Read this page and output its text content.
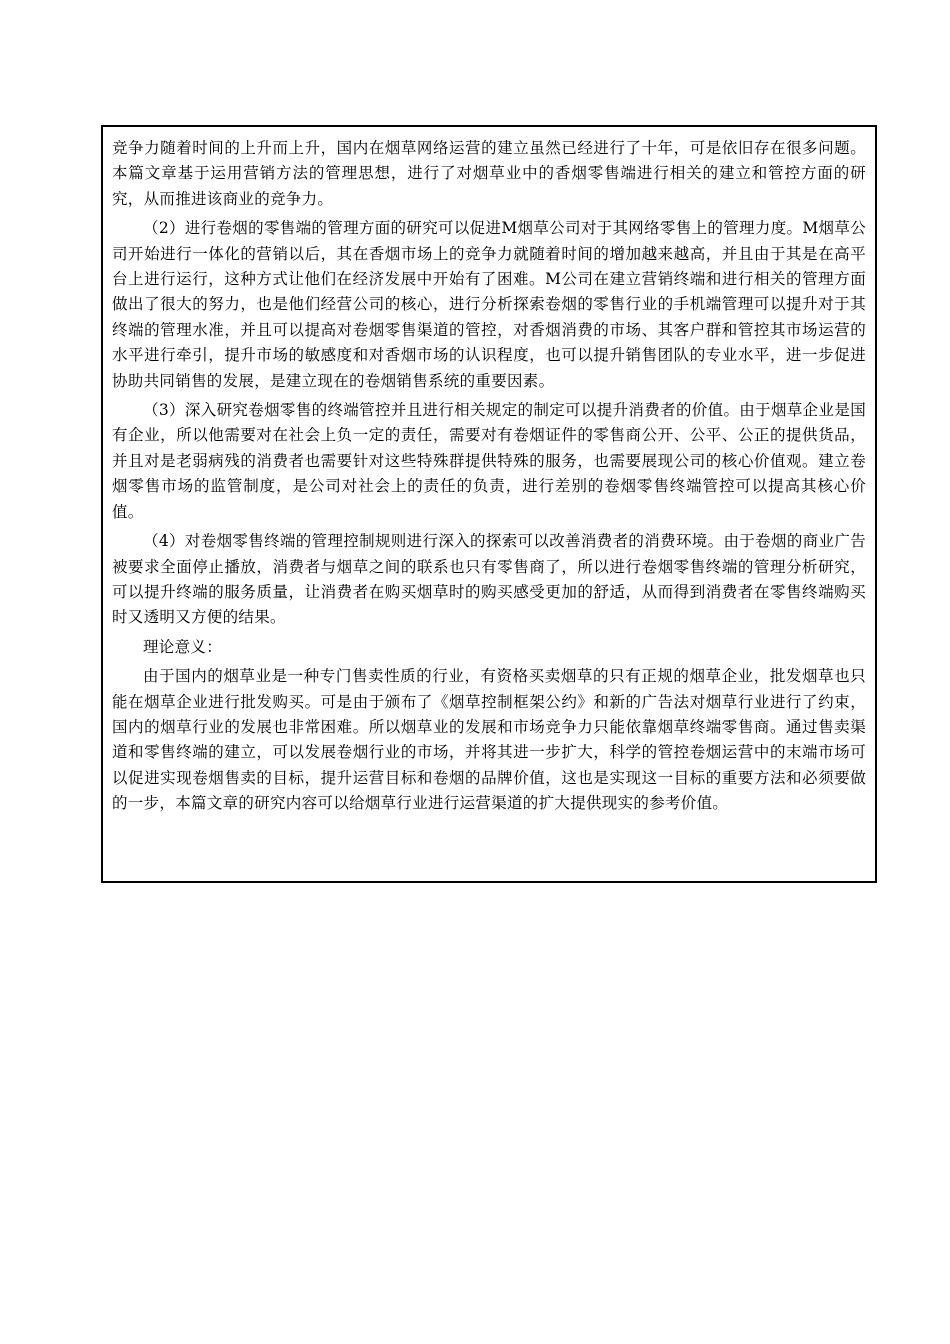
竞争力随着时间的上升而上升，国内在烟草网络运营的建立虽然已经进行了十年，可是依旧存在很多问题。本篇文章基于运用营销方法的管理思想，进行了对烟草业中的香烟零售端进行相关的建立和管控方面的研究，从而推进该商业的竞争力。

（2）进行卷烟的零售端的管理方面的研究可以促进M烟草公司对于其网络零售上的管理力度。M烟草公司开始进行一体化的营销以后，其在香烟市场上的竞争力就随着时间的增加越来越高，并且由于其是在高平台上进行运行，这种方式让他们在经济发展中开始有了困难。M公司在建立营销终端和进行相关的管理方面做出了很大的努力，也是他们经营公司的核心，进行分析探索卷烟的零售行业的手机端管理可以提升对于其终端的管理水准，并且可以提高对卷烟零售渠道的管控，对香烟消费的市场、其客户群和管控其市场运营的水平进行牵引，提升市场的敏感度和对香烟市场的认识程度，也可以提升销售团队的专业水平，进一步促进协助共同销售的发展，是建立现在的卷烟销售系统的重要因素。

（3）深入研究卷烟零售的终端管控并且进行相关规定的制定可以提升消费者的价值。由于烟草企业是国有企业，所以他需要对在社会上负一定的责任，需要对有卷烟证件的零售商公开、公平、公正的提供货品，并且对是老弱病残的消费者也需要针对这些特殊群提供特殊的服务，也需要展现公司的核心价值观。建立卷烟零售市场的监管制度，是公司对社会上的责任的负责，进行差别的卷烟零售终端管控可以提高其核心价值。

（4）对卷烟零售终端的管理控制规则进行深入的探索可以改善消费者的消费环境。由于卷烟的商业广告被要求全面停止播放，消费者与烟草之间的联系也只有零售商了，所以进行卷烟零售终端的管理分析研究，可以提升终端的服务质量，让消费者在购买烟草时的购买感受更加的舒适，从而得到消费者在零售终端购买时又透明又方便的结果。

理论意义：

由于国内的烟草业是一种专门售卖性质的行业，有资格买卖烟草的只有正规的烟草企业，批发烟草也只能在烟草企业进行批发购买。可是由于颁布了《烟草控制框架公约》和新的广告法对烟草行业进行了约束，国内的烟草行业的发展也非常困难。所以烟草业的发展和市场竞争力只能依靠烟草终端零售商。通过售卖渠道和零售终端的建立，可以发展卷烟行业的市场，并将其进一步扩大，科学的管控卷烟运营中的末端市场可以促进实现卷烟售卖的目标，提升运营目标和卷烟的品牌价值，这也是实现这一目标的重要方法和必须要做的一步，本篇文章的研究内容可以给烟草行业进行运营渠道的扩大提供现实的参考价值。
